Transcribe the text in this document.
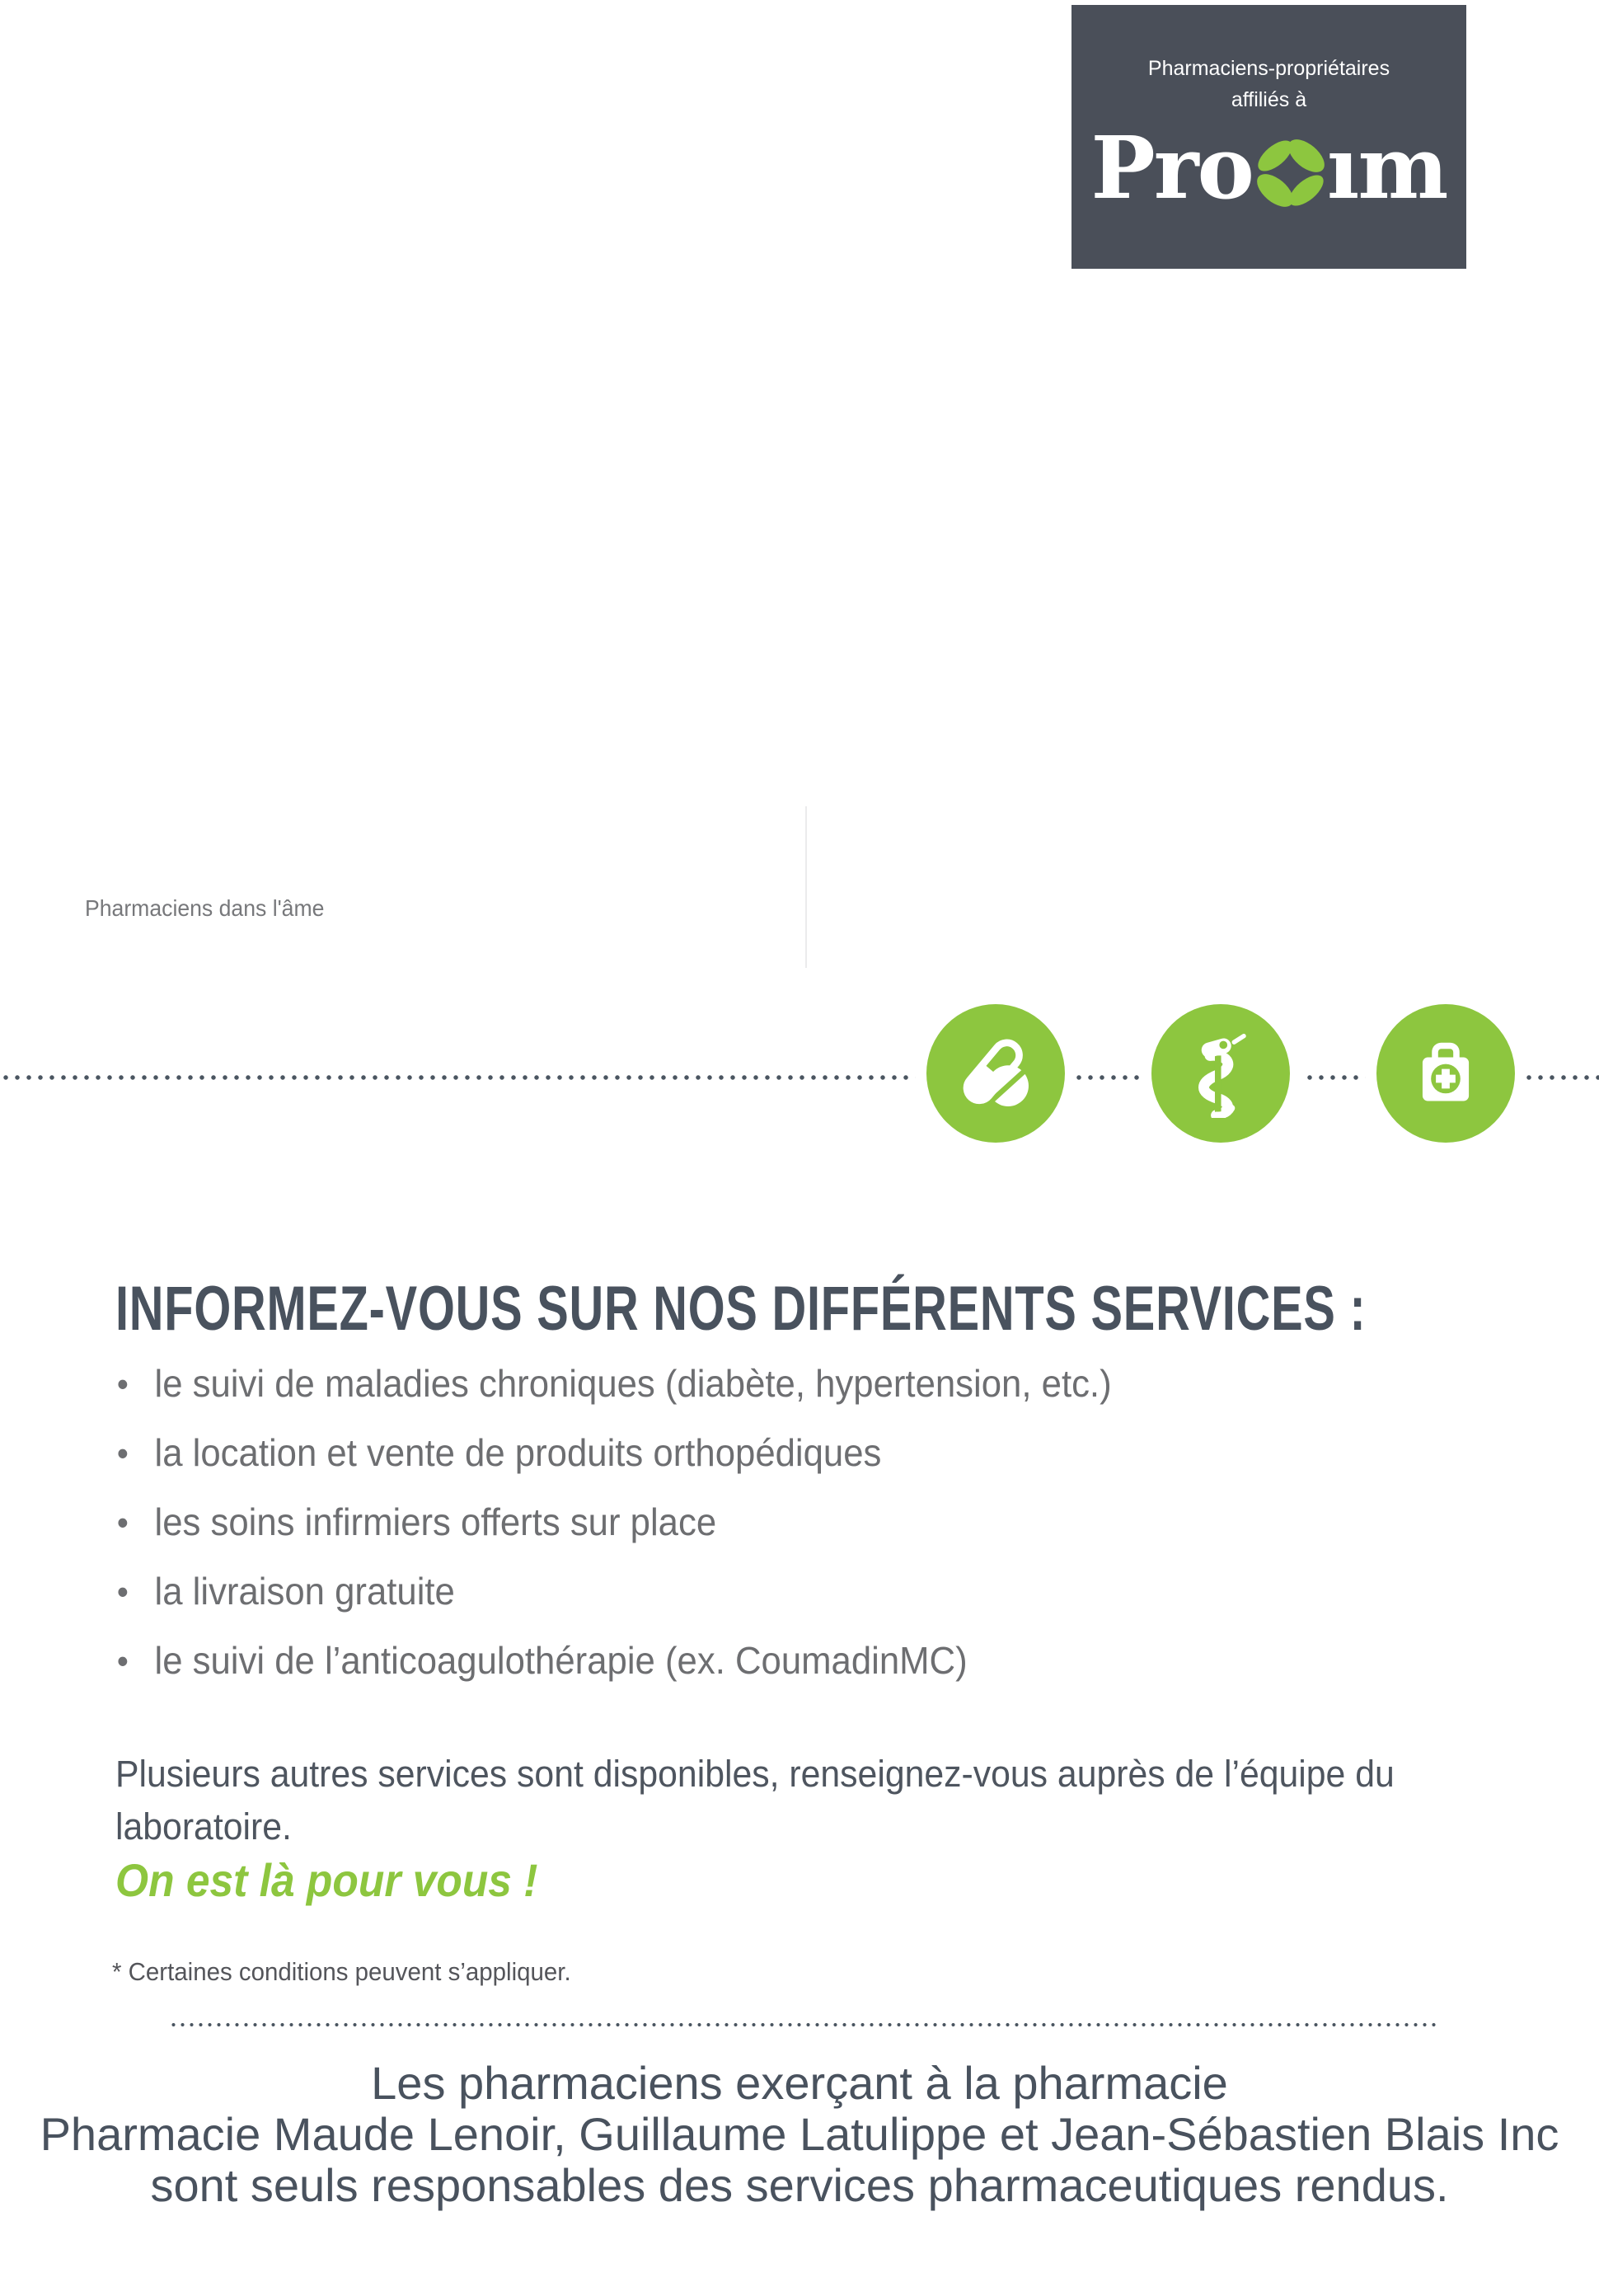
Pharmaciens-propriétaires
affiliés à
Pro ım
Pharmaciens dans l'âme
INFORMEZ-VOUS SUR NOS DIFFÉRENTS SERVICES :
• le suivi de maladies chroniques (diabète, hypertension, etc.)
• la location et vente de produits orthopédiques
• les soins infirmiers offerts sur place
• la livraison gratuite
• le suivi de l’anticoagulothérapie (ex. CoumadinMC)
Plusieurs autres services sont disponibles, renseignez-vous auprès de l’équipe du laboratoire.
On est là pour vous !
* Certaines conditions peuvent s’appliquer.
Les pharmaciens exerçant à la pharmacie
Pharmacie Maude Lenoir, Guillaume Latulippe et Jean-Sébastien Blais Inc
sont seuls responsables des services pharmaceutiques rendus.
